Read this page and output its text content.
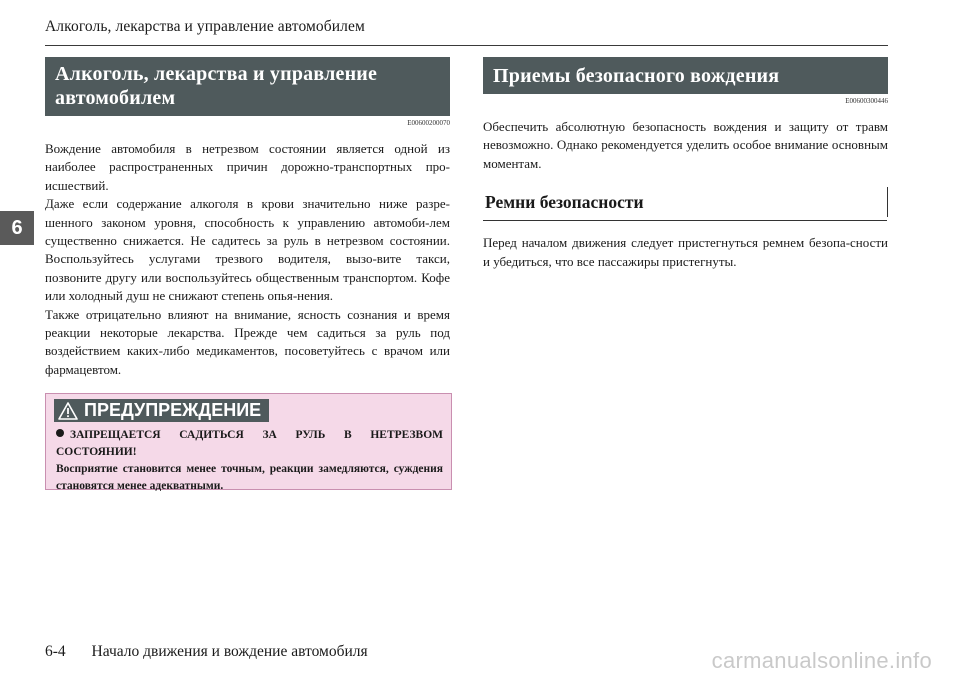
Алкоголь, лекарства и управление автомобилем
6
Алкоголь, лекарства и управление автомобилем
E00600200070

Вождение автомобиля в нетрезвом состоянии является одной из наиболее распространенных причин дорожно-транспортных про-исшествий.

Даже если содержание алкоголя в крови значительно ниже разре-шенного законом уровня, способность к управлению автомоби-лем существенно снижается. Не садитесь за руль в нетрезвом состоянии. Воспользуйтесь услугами трезвого водителя, вызо-вите такси, позвоните другу или воспользуйтесь общественным транспортом. Кофе или холодный душ не снижают степень опья-нения.

Также отрицательно влияют на внимание, ясность сознания и время реакции некоторые лекарства. Прежде чем садиться за руль под воздействием каких-либо медикаментов, посоветуйтесь с врачом или фармацевтом.

ПРЕДУПРЕЖДЕНИЕ
ЗАПРЕЩАЕТСЯ САДИТЬСЯ ЗА РУЛЬ В НЕТРЕЗВОМ СОСТОЯНИИ!
Восприятие становится менее точным, реакции замедляются, суждения становятся менее адекватными.
Приемы безопасного вождения
E00600300446

Обеспечить абсолютную безопасность вождения и защиту от травм невозможно. Однако рекомендуется уделить особое внимание основным моментам.

Ремни безопасности

Перед началом движения следует пристегнуться ремнем безопа-сности и убедиться, что все пассажиры пристегнуты.

6-4 Начало движения и вождение автомобиля	carmanualsonline.info
